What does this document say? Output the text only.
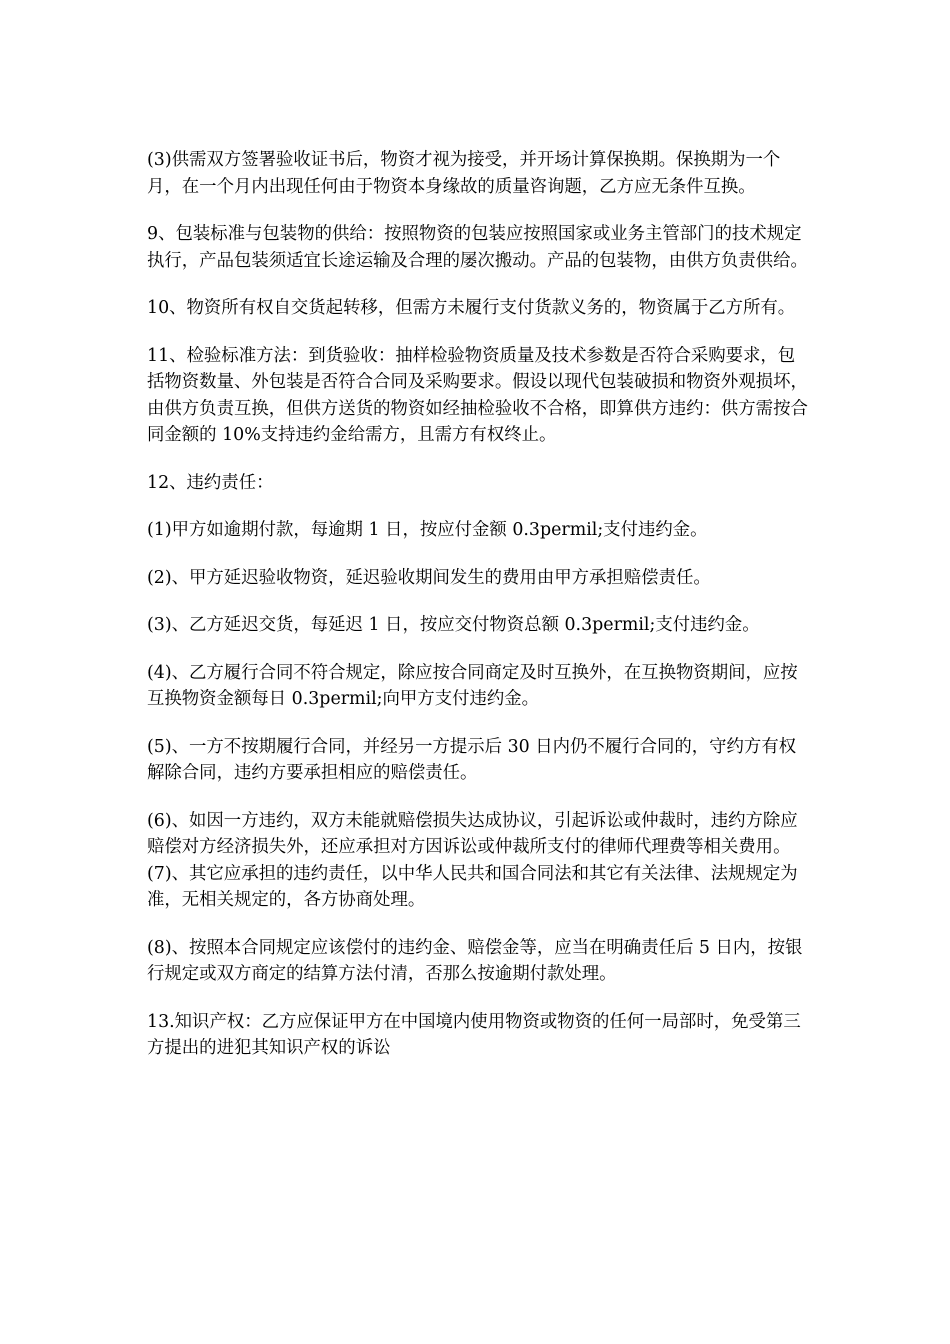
(3)供需双方签署验收证书后，物资才视为接受，并开场计算保换期。保换期为一个月，在一个月内出现任何由于物资本身缘故的质量咨询题，乙方应无条件互换。

9、包装标准与包装物的供给：按照物资的包装应按照国家或业务主管部门的技术规定执行，产品包装须适宜长途运输及合理的屡次搬动。产品的包装物，由供方负责供给。

10、物资所有权自交货起转移，但需方未履行支付货款义务的，物资属于乙方所有。

11、检验标准方法：到货验收：抽样检验物资质量及技术参数是否符合采购要求，包括物资数量、外包装是否符合合同及采购要求。假设以现代包装破损和物资外观损坏，由供方负责互换，但供方送货的物资如经抽检验收不合格，即算供方违约：供方需按合同金额的 10%支持违约金给需方，且需方有权终止。

12、违约责任：

(1)甲方如逾期付款，每逾期 1 日，按应付金额 0.3permil;支付违约金。

(2)、甲方延迟验收物资，延迟验收期间发生的费用由甲方承担赔偿责任。

(3)、乙方延迟交货，每延迟 1 日，按应交付物资总额 0.3permil;支付违约金。

(4)、乙方履行合同不符合规定，除应按合同商定及时互换外，在互换物资期间，应按互换物资金额每日 0.3permil;向甲方支付违约金。

(5)、一方不按期履行合同，并经另一方提示后 30 日内仍不履行合同的，守约方有权解除合同，违约方要承担相应的赔偿责任。

(6)、如因一方违约，双方未能就赔偿损失达成协议，引起诉讼或仲裁时，违约方除应赔偿对方经济损失外，还应承担对方因诉讼或仲裁所支付的律师代理费等相关费用。          (7)、其它应承担的违约责任，以中华人民共和国合同法和其它有关法律、法规规定为准，无相关规定的，各方协商处理。

(8)、按照本合同规定应该偿付的违约金、赔偿金等，应当在明确责任后 5 日内，按银行规定或双方商定的结算方法付清，否那么按逾期付款处理。

13.知识产权：乙方应保证甲方在中国境内使用物资或物资的任何一局部时，免受第三方提出的进犯其知识产权的诉讼
